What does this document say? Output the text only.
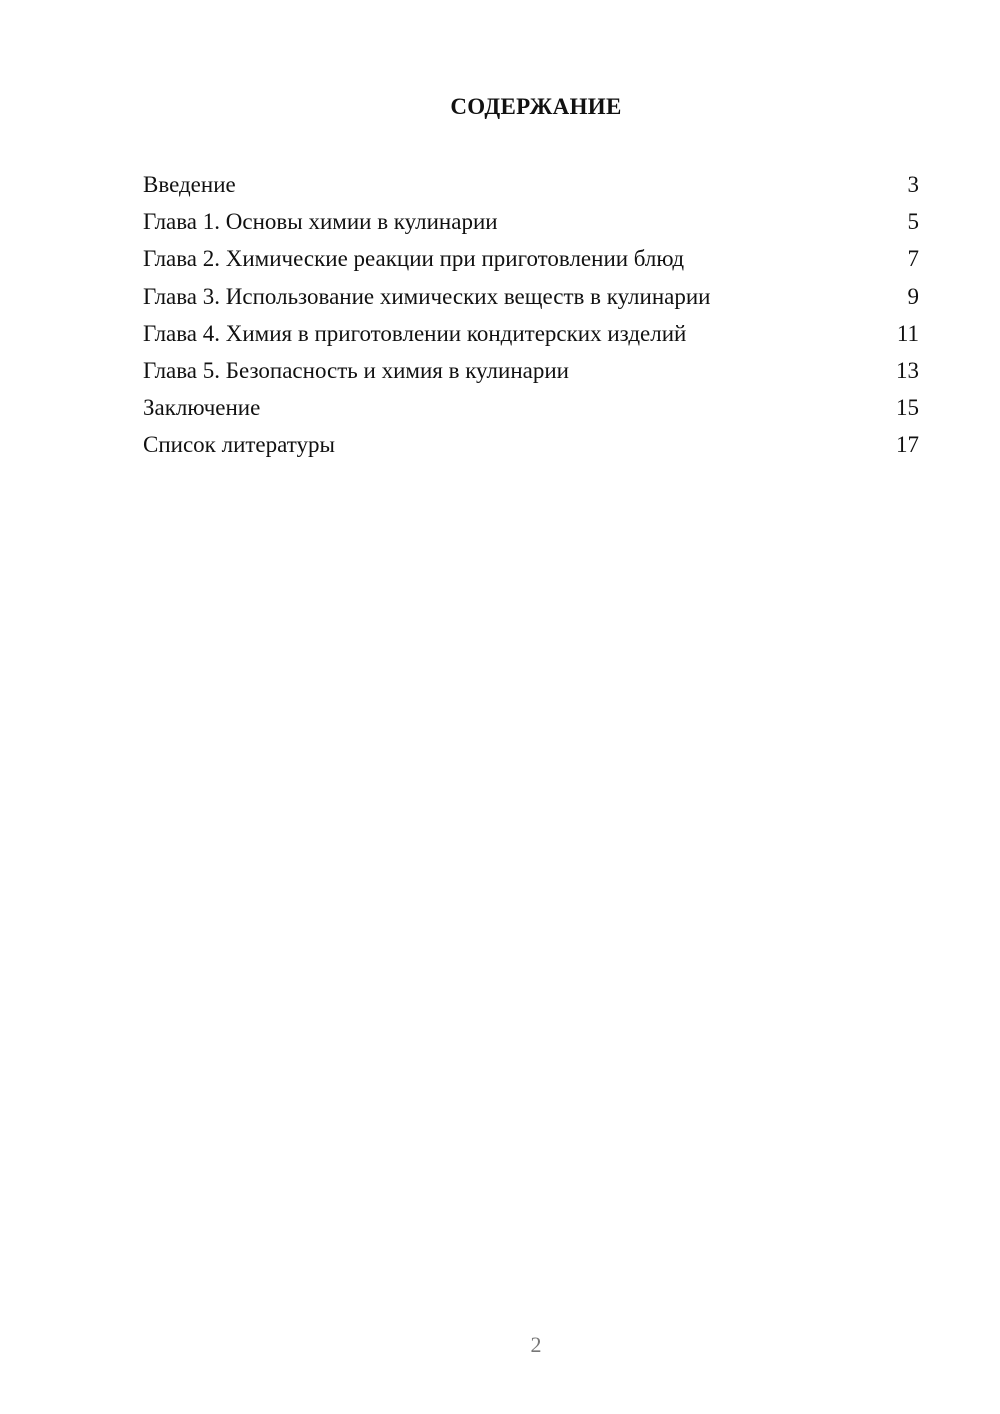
СОДЕРЖАНИЕ
Введение	3
Глава 1. Основы химии в кулинарии	5
Глава 2. Химические реакции при приготовлении блюд	7
Глава 3. Использование химических веществ в кулинарии	9
Глава 4. Химия в приготовлении кондитерских изделий	11
Глава 5. Безопасность и химия в кулинарии	13
Заключение	15
Список литературы	17
2
